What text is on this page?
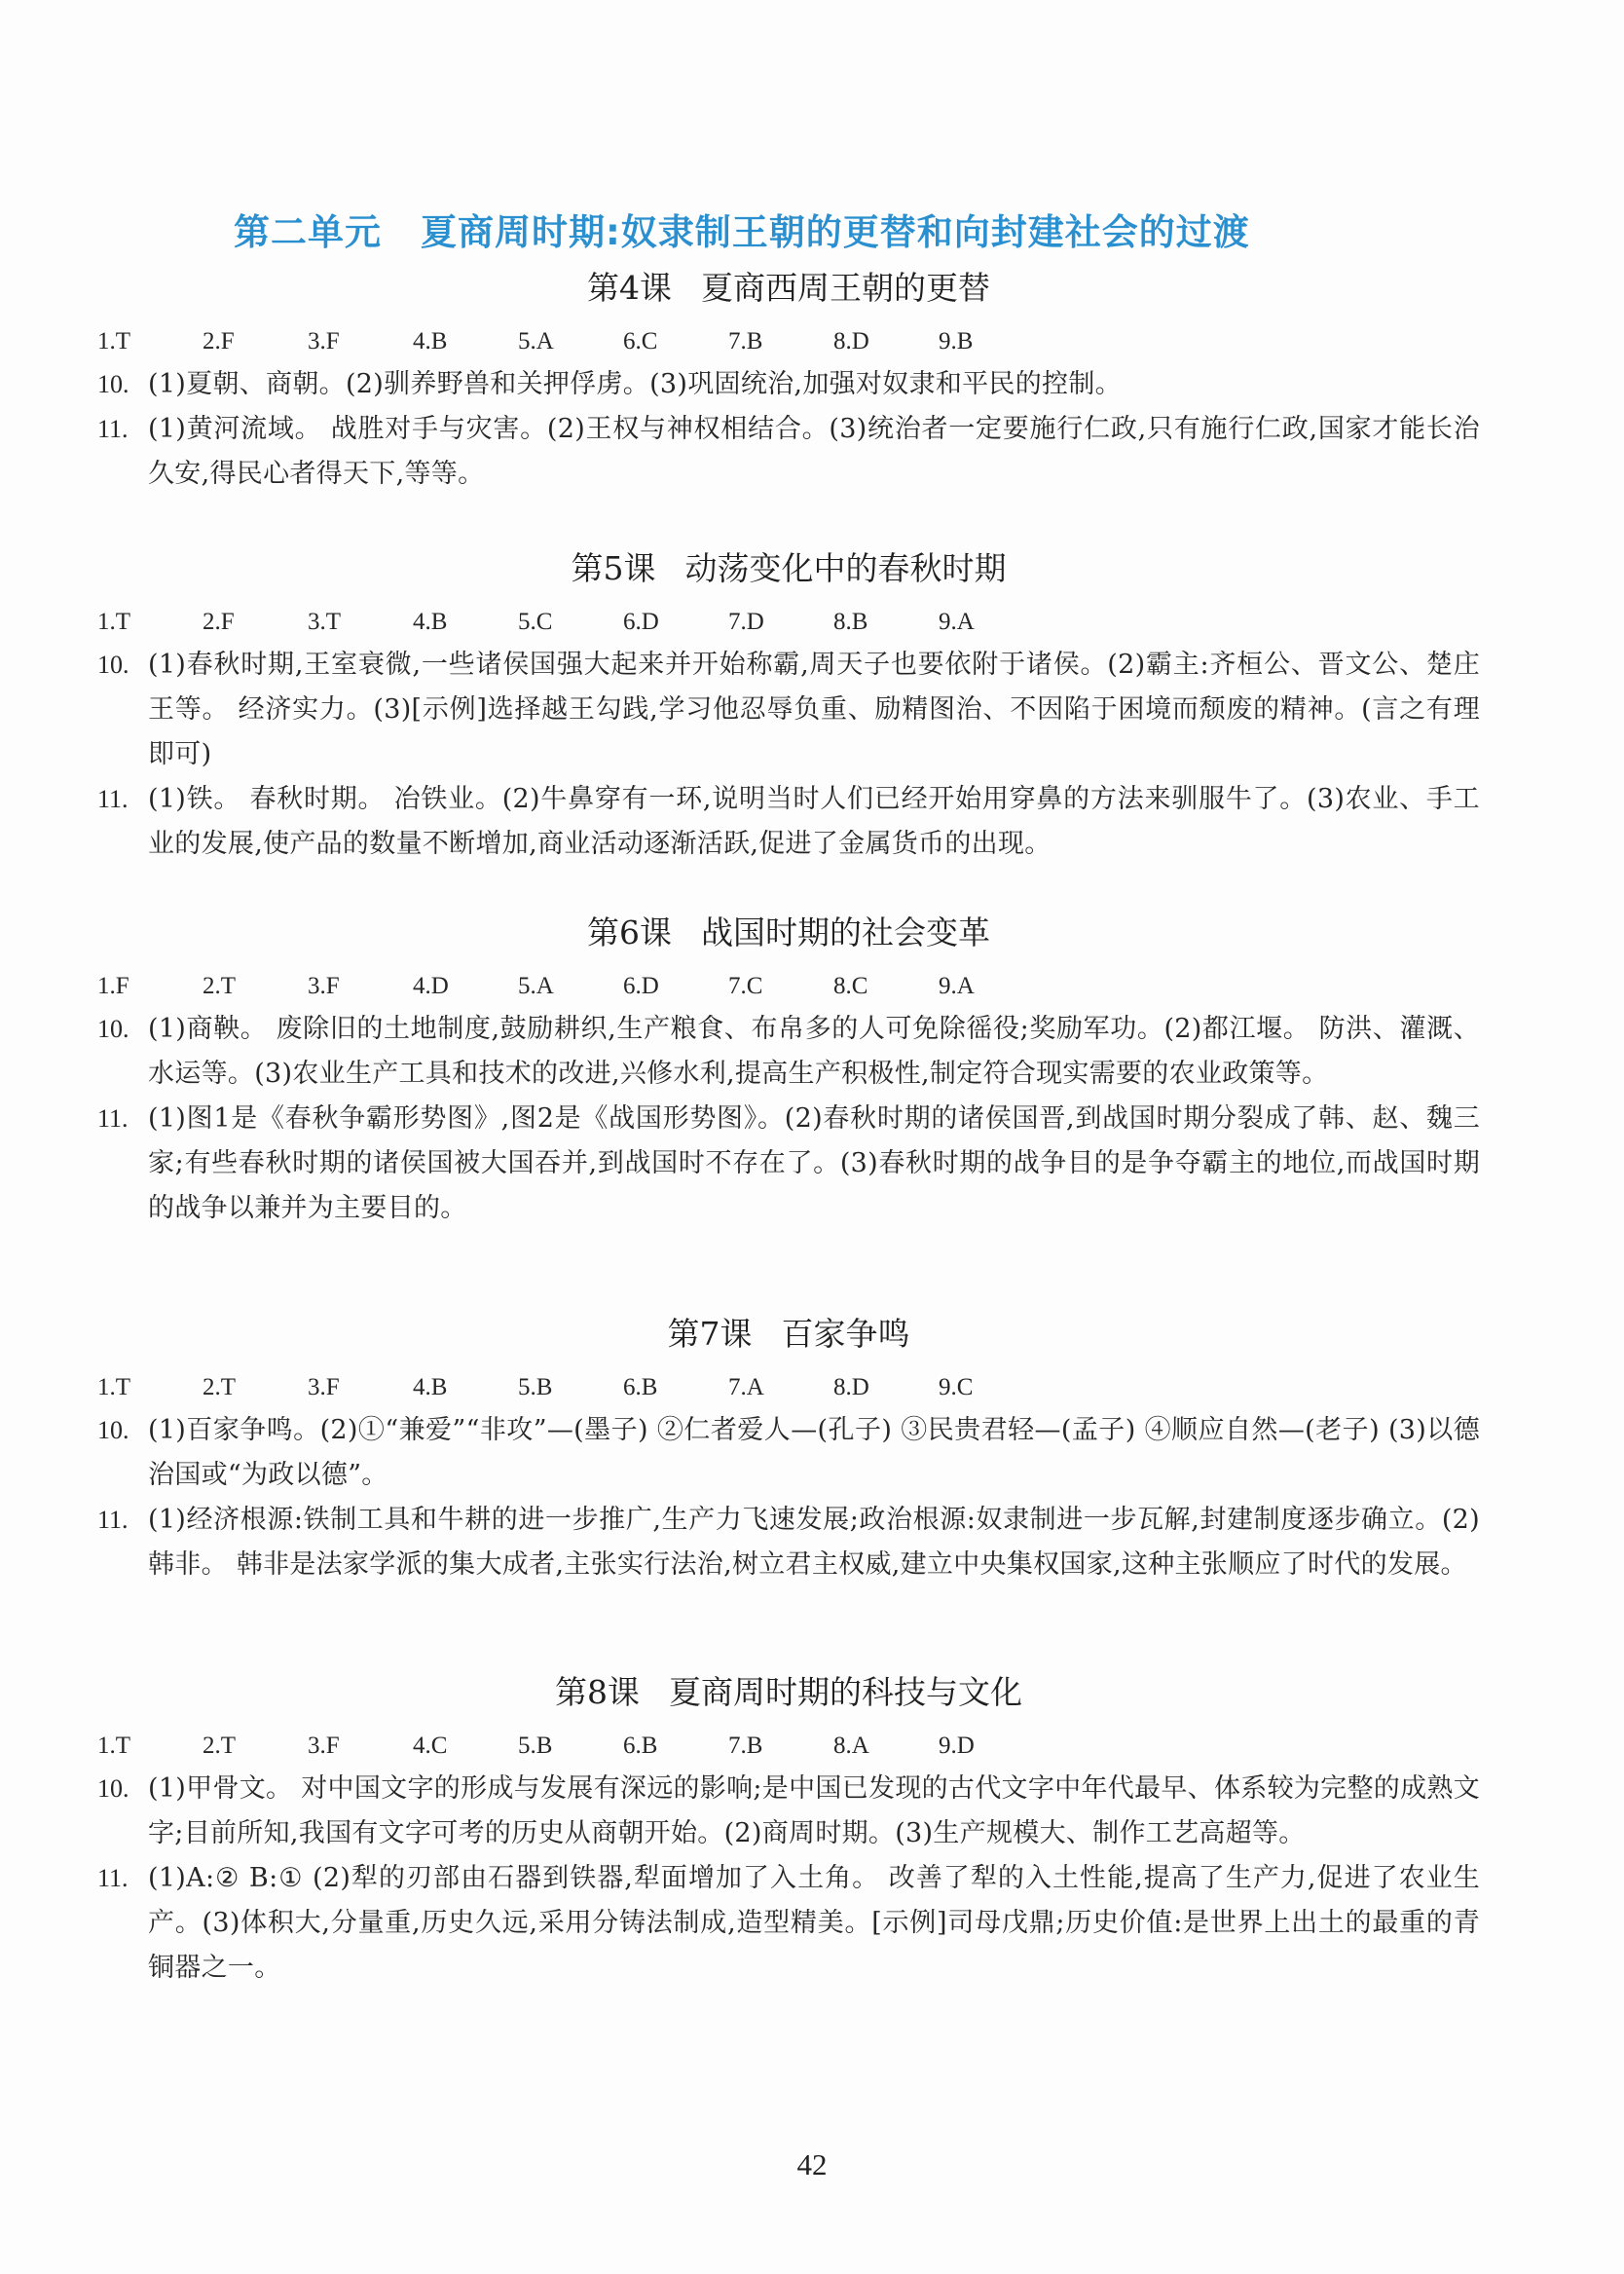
第二单元 夏商周时期:奴隶制王朝的更替和向封建社会的过渡
第4课 夏商西周王朝的更替
1.T	2.F	3.F	4.B	5.A	6.C	7.B	8.D	9.B
10. (1)夏朝、商朝。(2)驯养野兽和关押俘虏。(3)巩固统治,加强对奴隶和平民的控制。
11. (1)黄河流域。 战胜对手与灾害。(2)王权与神权相结合。(3)统治者一定要施行仁政,只有施行仁政,国家才能长治久安,得民心者得天下,等等。
第5课 动荡变化中的春秋时期
1.T	2.F	3.T	4.B	5.C	6.D	7.D	8.B	9.A
10. (1)春秋时期,王室衰微,一些诸侯国强大起来并开始称霸,周天子也要依附于诸侯。(2)霸主:齐桓公、晋文公、楚庄王等。 经济实力。(3)[示例]选择越王勾践,学习他忍辱负重、励精图治、不因陷于困境而颓废的精神。(言之有理即可)
11. (1)铁。 春秋时期。 冶铁业。(2)牛鼻穿有一环,说明当时人们已经开始用穿鼻的方法来驯服牛了。(3)农业、手工业的发展,使产品的数量不断增加,商业活动逐渐活跃,促进了金属货币的出现。
第6课 战国时期的社会变革
1.F	2.T	3.F	4.D	5.A	6.D	7.C	8.C	9.A
10. (1)商鞅。 废除旧的土地制度,鼓励耕织,生产粮食、布帛多的人可免除徭役;奖励军功。(2)都江堰。 防洪、灌溉、水运等。(3)农业生产工具和技术的改进,兴修水利,提高生产积极性,制定符合现实需要的农业政策等。
11. (1)图1是《春秋争霸形势图》,图2是《战国形势图》。(2)春秋时期的诸侯国晋,到战国时期分裂成了韩、赵、魏三家;有些春秋时期的诸侯国被大国吞并,到战国时不存在了。(3)春秋时期的战争目的是争夺霸主的地位,而战国时期的战争以兼并为主要目的。
第7课 百家争鸣
1.T	2.T	3.F	4.B	5.B	6.B	7.A	8.D	9.C
10. (1)百家争鸣。(2)①“兼爱”“非攻”—(墨子) ②仁者爱人—(孔子) ③民贵君轻—(孟子) ④顺应自然—(老子) (3)以德治国或“为政以德”。
11. (1)经济根源:铁制工具和牛耕的进一步推广,生产力飞速发展;政治根源:奴隶制进一步瓦解,封建制度逐步确立。(2)韩非。 韩非是法家学派的集大成者,主张实行法治,树立君主权威,建立中央集权国家,这种主张顺应了时代的发展。
第8课 夏商周时期的科技与文化
1.T	2.T	3.F	4.C	5.B	6.B	7.B	8.A	9.D
10. (1)甲骨文。 对中国文字的形成与发展有深远的影响;是中国已发现的古代文字中年代最早、体系较为完整的成熟文字;目前所知,我国有文字可考的历史从商朝开始。(2)商周时期。(3)生产规模大、制作工艺高超等。
11. (1)A:② B:① (2)犁的刃部由石器到铁器,犁面增加了入土角。 改善了犁的入土性能,提高了生产力,促进了农业生产。(3)体积大,分量重,历史久远,采用分铸法制成,造型精美。[示例]司母戊鼎;历史价值:是世界上出土的最重的青铜器之一。
42
